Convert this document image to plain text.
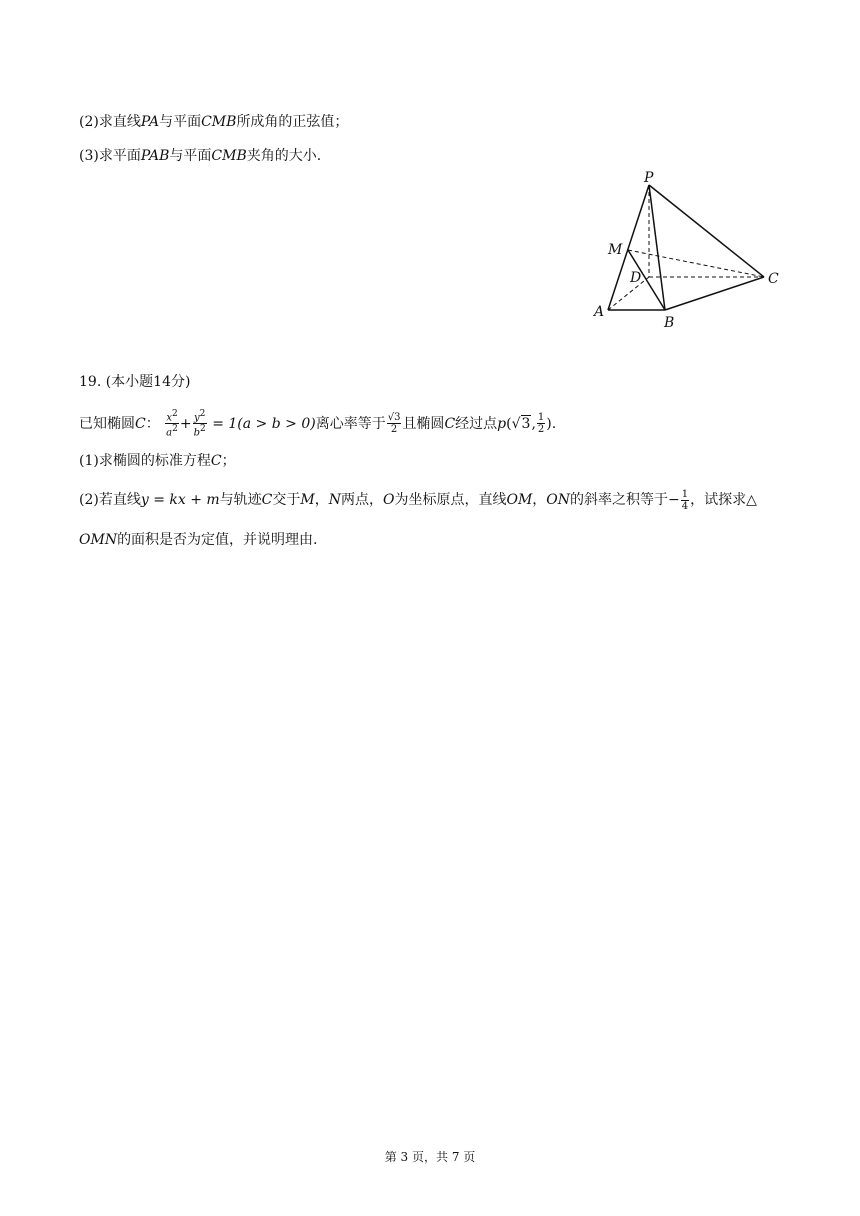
(2)求直线PA与平面CMB所成角的正弦值；
(3)求平面PAB与平面CMB夹角的大小.
P
M
D	C
A
B
19. (本小题14分)
已知椭圆C： $\frac{x^2}{a^2} + \frac{y^2}{b^2} = 1(a > b > 0)$离心率等于 $\frac{√3}{2}$ 且椭圆C经过点p(√3, $\frac{1}{2}$ ).
(1)求椭圆的标准方程C；
(2)若直线y = kx + m与轨迹C交于M，N两点，O为坐标原点，直线OM，ON的斜率之积等于− $\frac{1}{4}$ ，试探求△
OMN的面积是否为定值，并说明理由.
第 3 页，共 7 页
